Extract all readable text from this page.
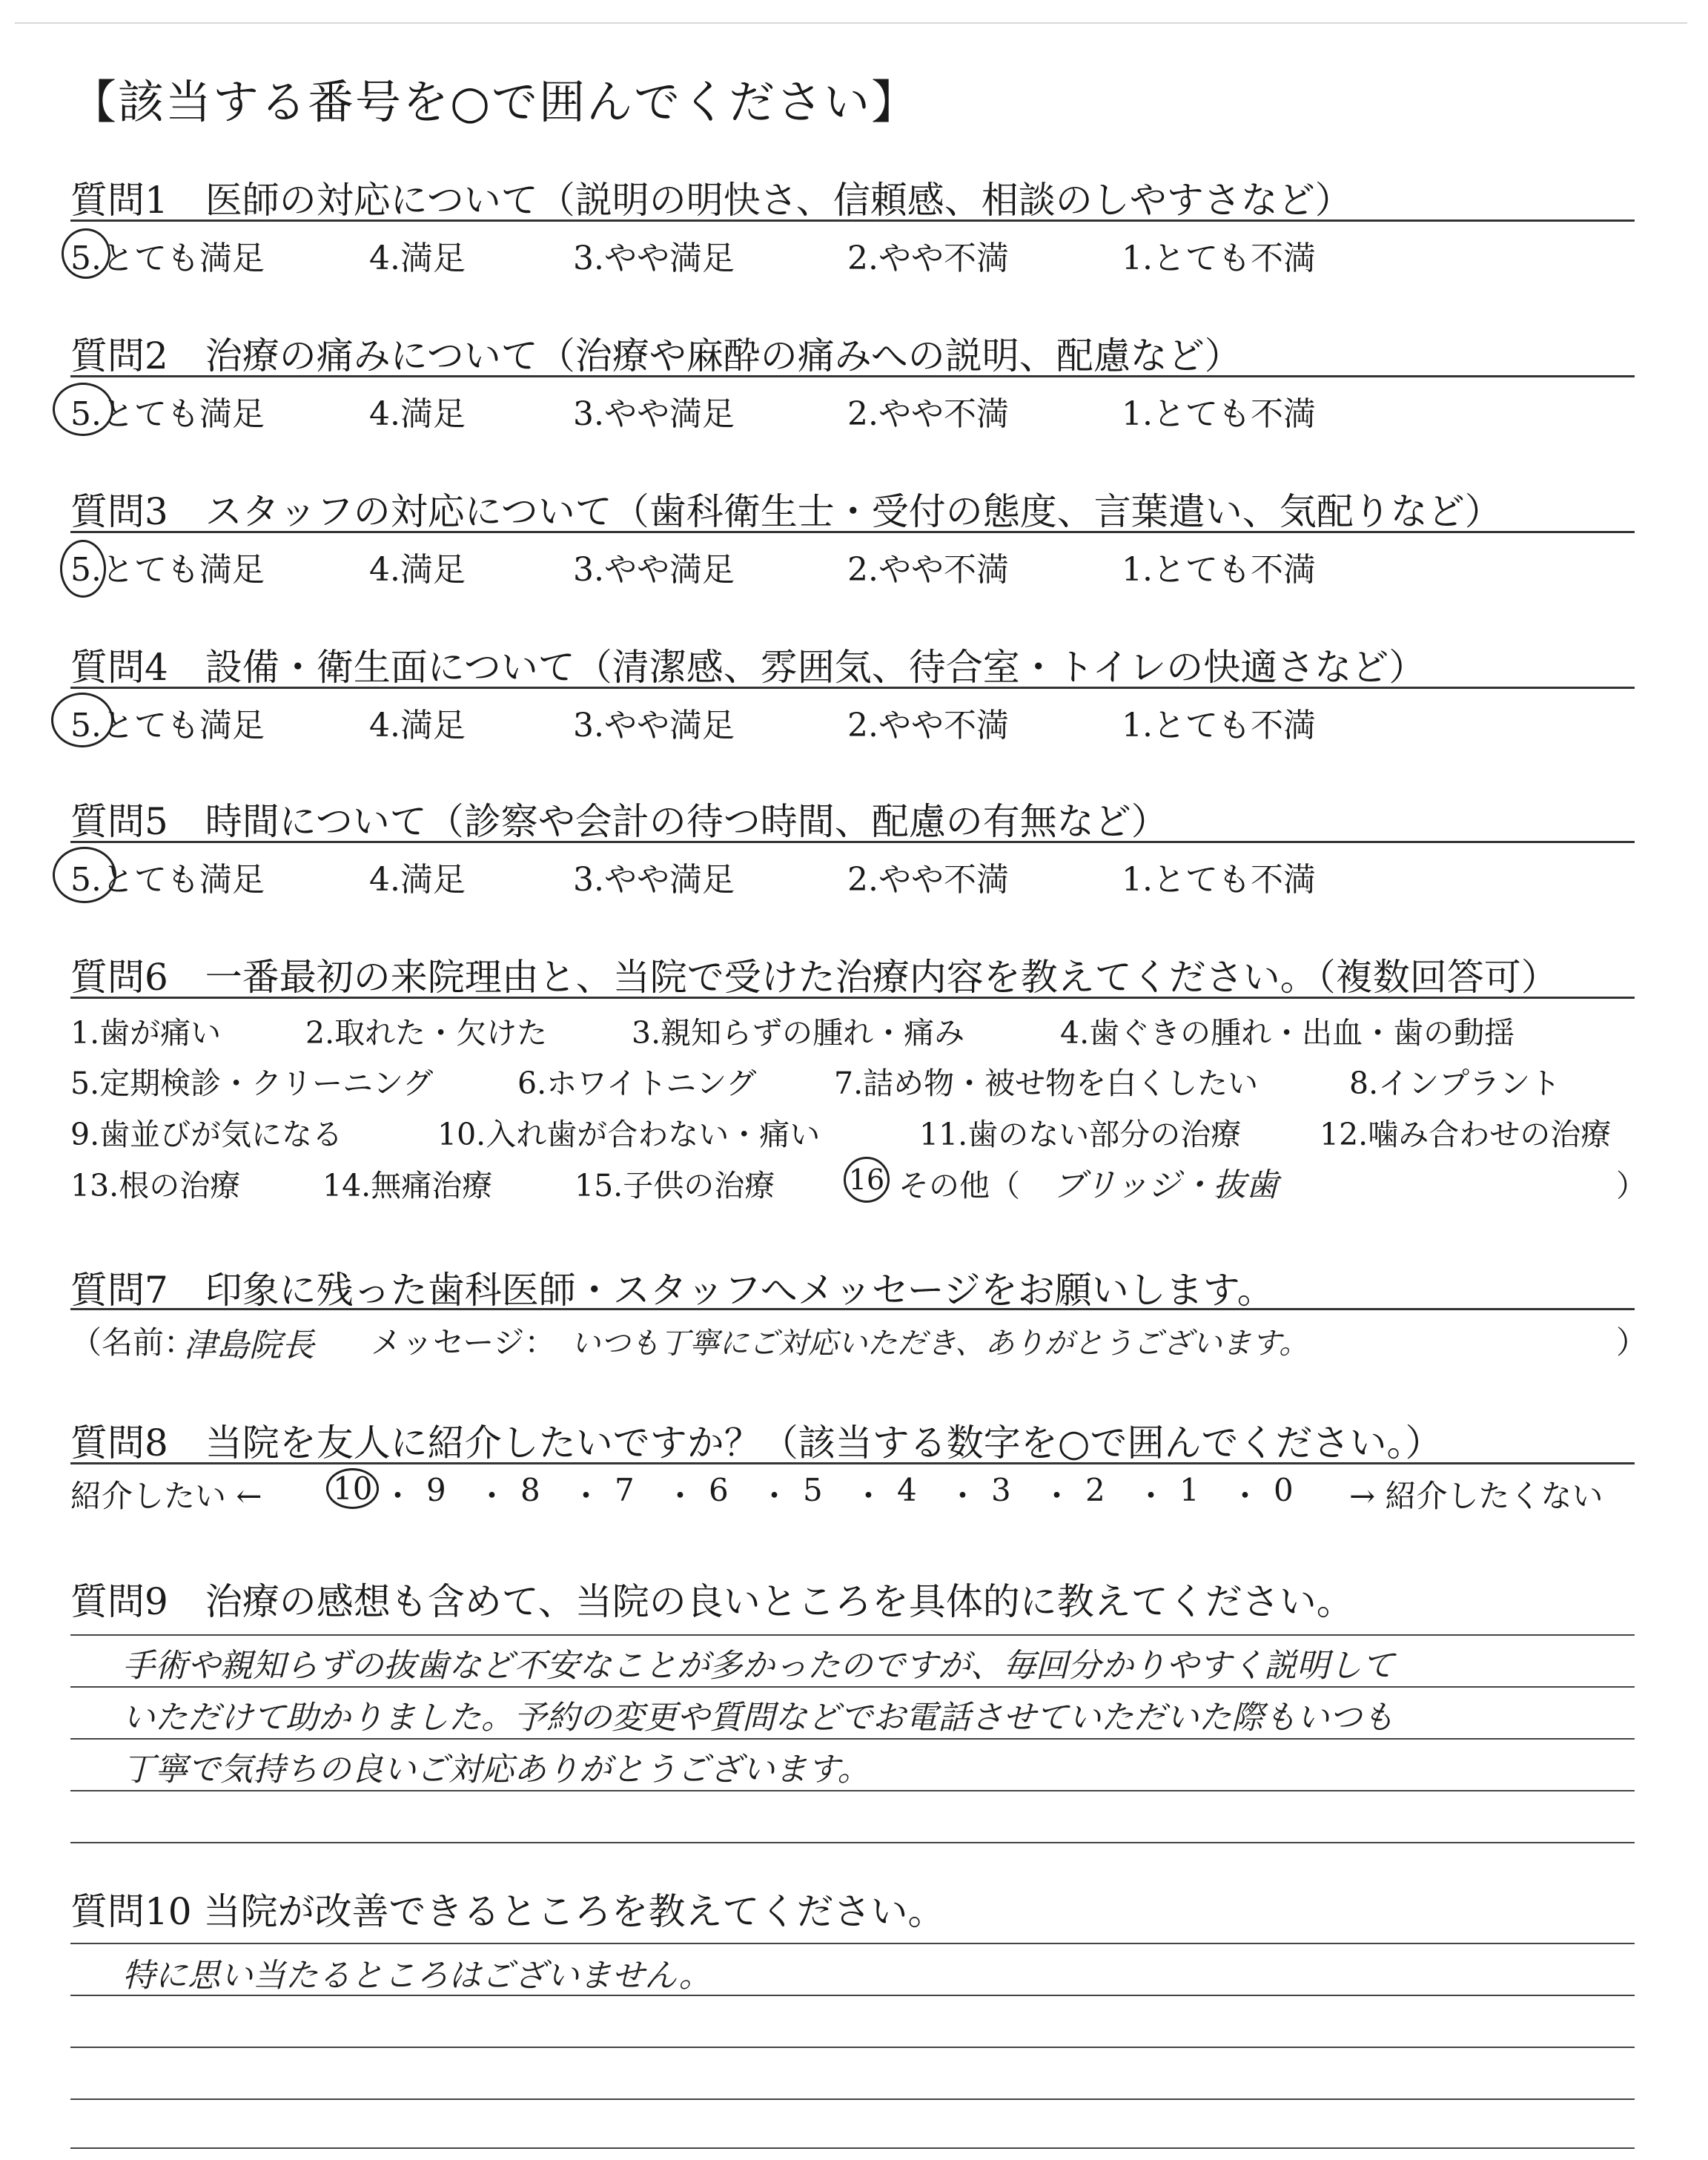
【該当する番号を○で囲んでください】
質問1　医師の対応について（説明の明快さ、信頼感、相談のしやすさなど）
5.とても満足	4.満足	3.やや満足	2.やや不満	1.とても不満
質問2　治療の痛みについて（治療や麻酔の痛みへの説明、配慮など）
5.とても満足	4.満足	3.やや満足	2.やや不満	1.とても不満
質問3　スタッフの対応について（歯科衛生士・受付の態度、言葉遣い、気配りなど）
5.とても満足	4.満足	3.やや満足	2.やや不満	1.とても不満
質問4　設備・衛生面について（清潔感、雰囲気、待合室・トイレの快適さなど）
5.とても満足	4.満足	3.やや満足	2.やや不満	1.とても不満
質問5　時間について（診察や会計の待つ時間、配慮の有無など）
5.とても満足	4.満足	3.やや満足	2.やや不満	1.とても不満
質問6　一番最初の来院理由と、当院で受けた治療内容を教えてください。（複数回答可）
1.歯が痛い	2.取れた・欠けた	3.親知らずの腫れ・痛み	4.歯ぐきの腫れ・出血・歯の動揺
5.定期検診・クリーニング	6.ホワイトニング	7.詰め物・被せ物を白くしたい	8.インプラント
9.歯並びが気になる	10.入れ歯が合わない・痛い	11.歯のない部分の治療	12.噛み合わせの治療
13.根の治療	14.無痛治療	15.子供の治療	16 その他（ ブリッジ・抜歯	）
質問7　印象に残った歯科医師・スタッフへメッセージをお願いします。
（名前：
津島院長 メッセージ： いつも丁寧にご対応いただき、ありがとうございます。	）
質問8　当院を友人に紹介したいですか？（該当する数字を○で囲んでください。）
紹介したい ← 10 ・ 9 ・ 8 ・ 7 ・ 6 ・ 5 ・ 4 ・ 3 ・ 2 ・ 1 ・ 0 → 紹介したくない
質問9　治療の感想も含めて、当院の良いところを具体的に教えてください。
手術や親知らずの抜歯など不安なことが多かったのですが、毎回分かりやすく説明して
いただけて助かりました。予約の変更や質問などでお電話させていただいた際もいつも
丁寧で気持ちの良いご対応ありがとうございます。
質問10 当院が改善できるところを教えてください。
特に思い当たるところはございません。
